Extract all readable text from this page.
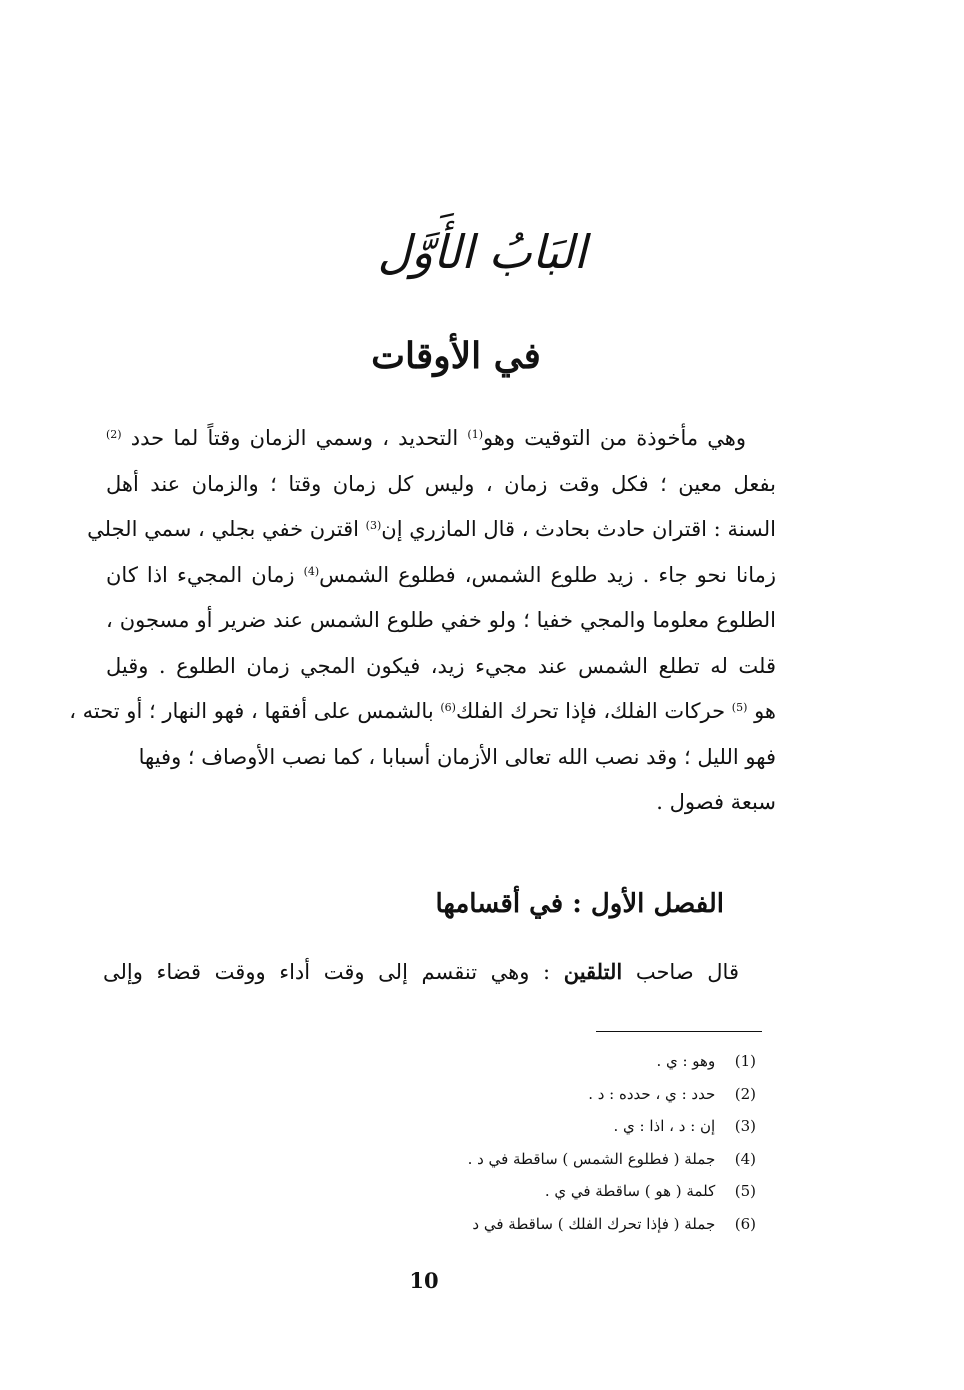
البَابُ الأَوَّل
في الأوقات
وهي مأخوذة من التوقيت وهو$^{(1)}$ التحديد ، وسمي الزمان وقتاً لما حدد $^{(2)}$
بفعل معين ؛ فكل وقت زمان ، وليس كل زمان وقتا ؛ والزمان عند أهل
السنة : اقتران حادث بحادث ، قال المازري إن$^{(3)}$ اقترن خفي بجلي ، سمي الجلي
زمانا نحو جاء . زيد طلوع الشمس، فطلوع الشمس$^{(4)}$ زمان المجيء اذا كان
الطلوع معلوما والمجي خفيا ؛ ولو خفي طلوع الشمس عند ضرير أو مسجون ،
قلت له تطلع الشمس عند مجيء زيد، فيكون المجي زمان الطلوع . وقيل
هو $^{(5)}$ حركات الفلك، فإذا تحرك الفلك$^{(6)}$ بالشمس على أفقها ، فهو النهار ؛ أو تحته ،
فهو الليل ؛ وقد نصب الله تعالى الأزمان أسبابا ، كما نصب الأوصاف ؛ وفيها
سبعة فصول .
الفصل الأول : في أقسامها
قال صاحب التلقين : وهي تنقسم إلى وقت أداء ووقت قضاء وإلى
(1) وهو : ي .
(2) حدد : ي ، حدده : د .
(3) إن : د ، اذا : ي .
(4) جملة ( فطلوع الشمس ) ساقطة في د .
(5) كلمة ( هو ) ساقطة في ي .
(6) جملة ( فإذا تحرك الفلك ) ساقطة في د
10
